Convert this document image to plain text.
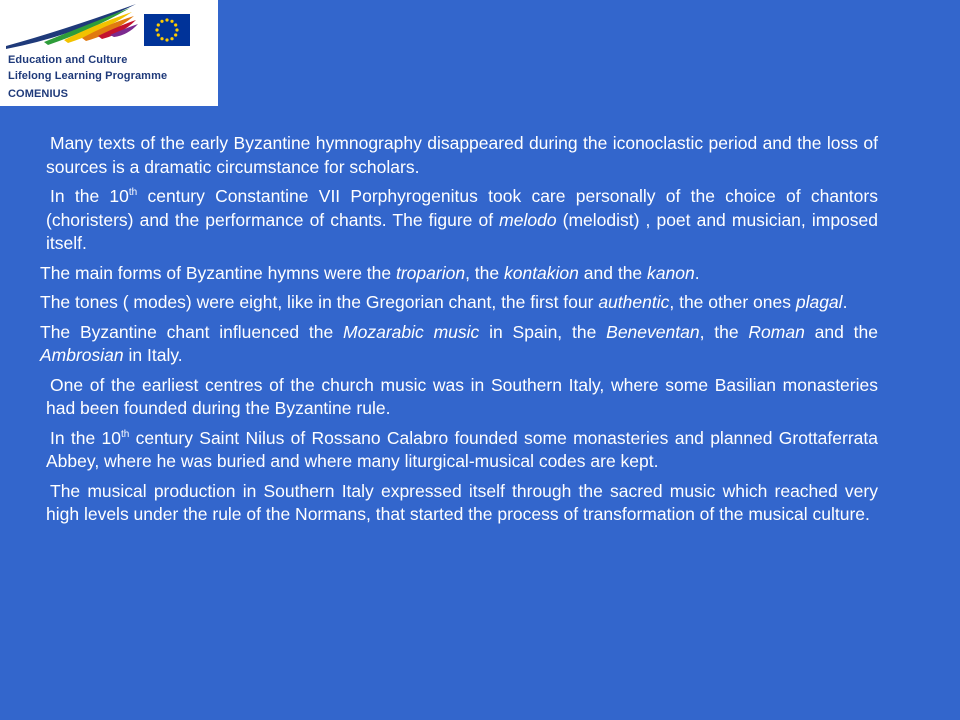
Education and Culture
Lifelong Learning Programme
COMENIUS

Many texts of the early Byzantine hymnography disappeared during the iconoclastic period and the loss of sources is a dramatic circumstance for scholars.

In the 10th century Constantine VII Porphyrogenitus took care personally of the choice of chantors (choristers) and the performance of chants. The figure of melodo (melodist) , poet and musician, imposed itself.

The main forms of Byzantine hymns were the troparion, the kontakion and the kanon.

The tones ( modes) were eight, like in the Gregorian chant, the first four authentic, the other ones plagal.

The Byzantine chant influenced the Mozarabic music in Spain, the Beneventan, the Roman and the Ambrosian in Italy.

One of the earliest centres of the church music was in Southern Italy, where some Basilian monasteries had been founded during the Byzantine rule.

In the 10th century Saint Nilus of Rossano Calabro founded some monasteries and planned Grottaferrata Abbey, where he was buried and where many liturgical-musical codes are kept.

The musical production in Southern Italy expressed itself through the sacred music which reached very high levels under the rule of the Normans, that started the process of transformation of the musical culture.
